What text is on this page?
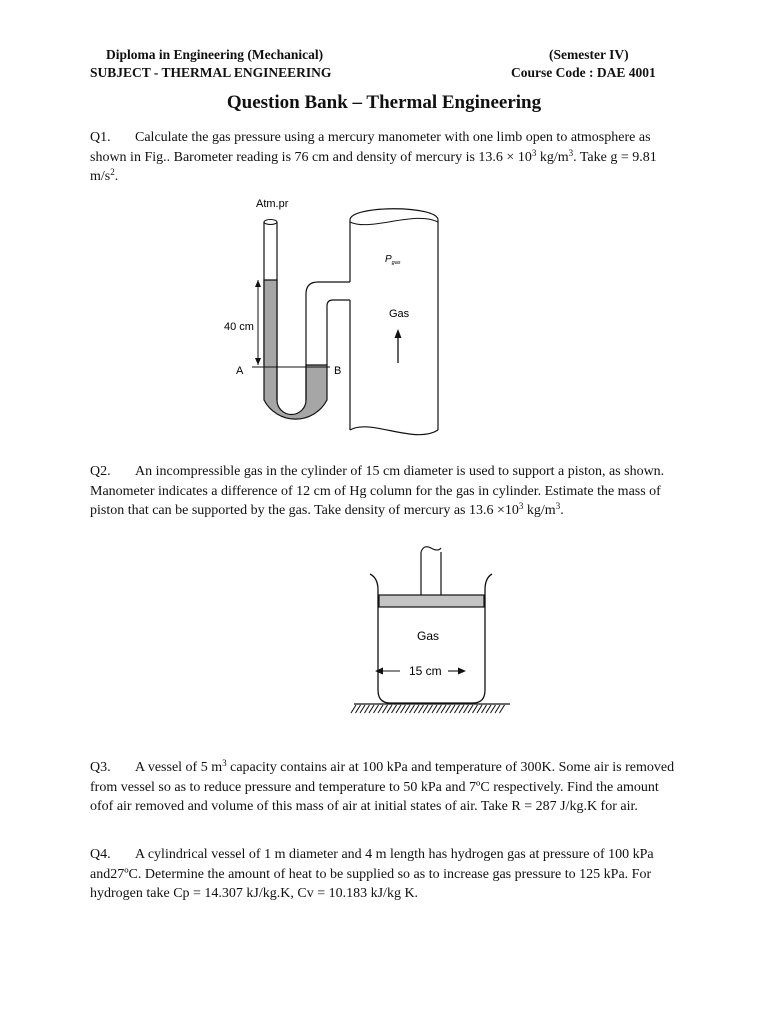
Diploma in Engineering (Mechanical)
SUBJECT - THERMAL ENGINEERING
(Semester IV)
Course Code : DAE 4001
Question Bank – Thermal Engineering

Q1. Calculate the gas pressure using a mercury manometer with one limb open to atmosphere as shown in Fig.. Barometer reading is 76 cm and density of mercury is $13.6 \times 10^3$ $kg/m^3$. Take g = 9.81 $m/s^2$.

Atm.pr
40 cm
A	B
$P_{gas}$
Gas

Q2. An incompressible gas in the cylinder of 15 cm diameter is used to support a piston, as shown. Manometer indicates a difference of 12 cm of Hg column for the gas in cylinder. Estimate the mass of piston that can be supported by the gas. Take density of mercury as $13.6 \times 10^3$ $kg/m^3$.

Gas
15 cm

Q3. A vessel of 5 $m^3$ capacity contains air at 100 kPa and temperature of 300K. Some air is removed from vessel so as to reduce pressure and temperature to 50 kPa and 7ºC respectively. Find the amount ofof air removed and volume of this mass of air at initial states of air. Take R = 287 J/kg.K for air.

Q4. A cylindrical vessel of 1 m diameter and 4 m length has hydrogen gas at pressure of 100 kPa and27ºC. Determine the amount of heat to be supplied so as to increase gas pressure to 125 kPa. For hydrogen take Cp = 14.307 kJ/kg.K, Cv = 10.183 kJ/kg K.
